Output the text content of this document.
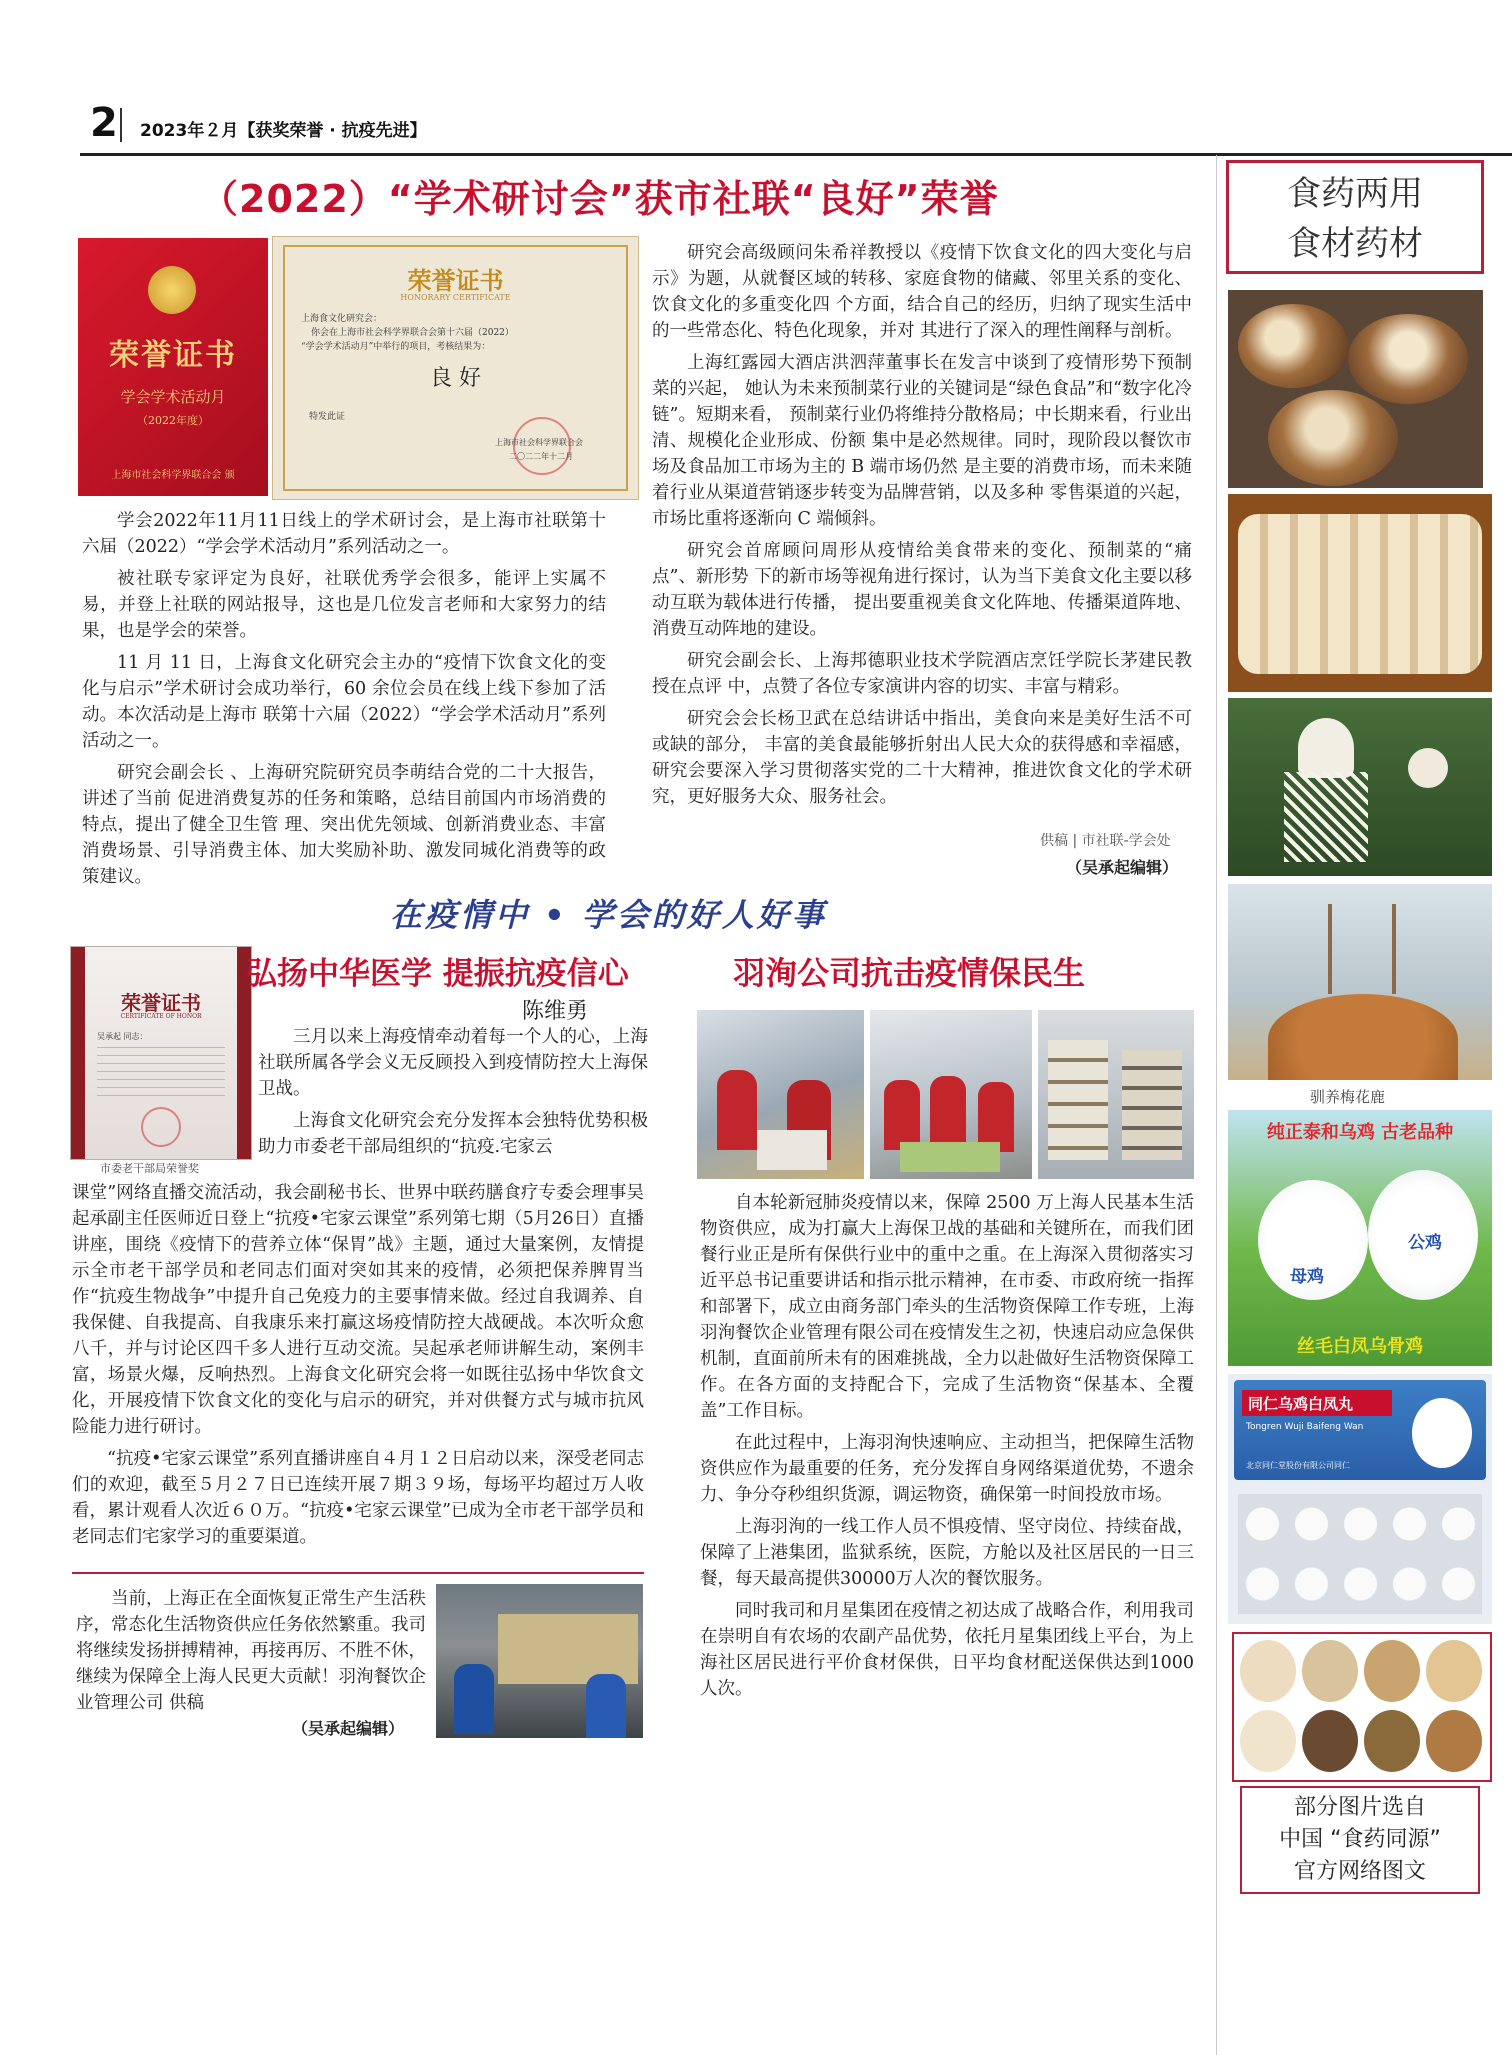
2 2023年２月【获奖荣誉 · 抗疫先进】
（2022）“学术研讨会”获市社联“良好”荣誉
荣誉证书
学会学术活动月
（2022年度）
上海市社会科学界联合会 颁
荣誉证书
HONORARY CERTIFICATE
上海食文化研究会：
你会在上海市社会科学界联合会第十六届（2022）
“学会学术活动月”中举行的项目，考核结果为：
良 好
特发此证
上海市社会科学界联合会
二〇二二年十二月

学会2022年11月11日线上的学术研讨会，是上海市社联第十六届（2022）“学会学术活动月”系列活动之一。

被社联专家评定为良好，社联优秀学会很多，能评上实属不易，并登上社联的网站报导，这也是几位发言老师和大家努力的结果，也是学会的荣誉。

11 月 11 日，上海食文化研究会主办的“疫情下饮食文化的变化与启示”学术研讨会成功举行，60 余位会员在线上线下参加了活动。本次活动是上海市 联第十六届（2022）“学会学术活动月”系列活动之一。

研究会副会长 、上海研究院研究员李萌结合党的二十大报告，讲述了当前 促进消费复苏的任务和策略，总结目前国内市场消费的特点，提出了健全卫生管 理、突出优先领域、创新消费业态、丰富消费场景、引导消费主体、加大奖励补助、激发同城化消费等的政策建议。

研究会高级顾问朱希祥教授以《疫情下饮食文化的四大变化与启示》为题，从就餐区域的转移、家庭食物的储藏、邻里关系的变化、饮食文化的多重变化四 个方面，结合自己的经历，归纳了现实生活中的一些常态化、特色化现象，并对 其进行了深入的理性阐释与剖析。

上海红露园大酒店洪泗萍董事长在发言中谈到了疫情形势下预制菜的兴起， 她认为未来预制菜行业的关键词是“绿色食品”和“数字化冷链”。短期来看， 预制菜行业仍将维持分散格局；中长期来看，行业出清、规模化企业形成、份额 集中是必然规律。同时，现阶段以餐饮市场及食品加工市场为主的 B 端市场仍然 是主要的消费市场，而未来随着行业从渠道营销逐步转变为品牌营销，以及多种 零售渠道的兴起，市场比重将逐渐向 C 端倾斜。

研究会首席顾问周形从疫情给美食带来的变化、预制菜的“痛点”、新形势 下的新市场等视角进行探讨，认为当下美食文化主要以移动互联为载体进行传播， 提出要重视美食文化阵地、传播渠道阵地、消费互动阵地的建设。

研究会副会长、上海邦德职业技术学院酒店烹饪学院长茅建民教授在点评 中，点赞了各位专家演讲内容的切实、丰富与精彩。

研究会会长杨卫武在总结讲话中指出，美食向来是美好生活不可或缺的部分， 丰富的美食最能够折射出人民大众的获得感和幸福感，研究会要深入学习贯彻落实党的二十大精神，推进饮食文化的学术研究，更好服务大众、服务社会。

供稿 | 市社联-学会处
（吴承起编辑）
在疫情中 • 学会的好人好事
荣誉证书
CERTIFICATE OF HONOR
吴承起 同志：
市委老干部局荣誉奖
弘扬中华医学 提振抗疫信心
陈维勇

三月以来上海疫情牵动着每一个人的心，上海社联所属各学会义无反顾投入到疫情防控大上海保卫战。

上海食文化研究会充分发挥本会独特优势积极助力市委老干部局组织的“抗疫.宅家云

课堂”网络直播交流活动，我会副秘书长、世界中联药膳食疗专委会理事吴起承副主任医师近日登上“抗疫•宅家云课堂”系列第七期（5月26日）直播讲座，围绕《疫情下的营养立体“保胃”战》主题，通过大量案例，友情提示全市老干部学员和老同志们面对突如其来的疫情，必须把保养脾胃当作“抗疫生物战争”中提升自己免疫力的主要事情来做。经过自我调养、自我保健、自我提高、自我康乐来打赢这场疫情防控大战硬战。本次听众愈八千，并与讨论区四千多人进行互动交流。吴起承老师讲解生动，案例丰富，场景火爆，反响热烈。上海食文化研究会将一如既往弘扬中华饮食文化，开展疫情下饮食文化的变化与启示的研究，并对供餐方式与城市抗风险能力进行研讨。

“抗疫•宅家云课堂”系列直播讲座自４月１２日启动以来，深受老同志们的欢迎，截至５月２７日已连续开展７期３９场，每场平均超过万人收看，累计观看人次近６０万。“抗疫•宅家云课堂”已成为全市老干部学员和老同志们宅家学习的重要渠道。

当前，上海正在全面恢复正常生产生活秩序，常态化生活物资供应任务依然繁重。我司将继续发扬拼搏精神，再接再厉、不胜不休，继续为保障全上海人民更大贡献！羽洵餐饮企业管理公司 供稿

（吴承起编辑）
羽洵公司抗击疫情保民生

自本轮新冠肺炎疫情以来，保障 2500 万上海人民基本生活物资供应，成为打赢大上海保卫战的基础和关键所在，而我们团餐行业正是所有保供行业中的重中之重。在上海深入贯彻落实习近平总书记重要讲话和指示批示精神，在市委、市政府统一指挥和部署下，成立由商务部门牵头的生活物资保障工作专班，上海羽洵餐饮企业管理有限公司在疫情发生之初，快速启动应急保供机制，直面前所未有的困难挑战，全力以赴做好生活物资保障工作。在各方面的支持配合下，完成了生活物资“保基本、全覆盖”工作目标。

在此过程中，上海羽洵快速响应、主动担当，把保障生活物资供应作为最重要的任务，充分发挥自身网络渠道优势，不遗余力、争分夺秒组织货源，调运物资，确保第一时间投放市场。

上海羽洵的一线工作人员不惧疫情、坚守岗位、持续奋战，保障了上港集团，监狱系统，医院，方舱以及社区居民的一日三餐，每天最高提供30000万人次的餐饮服务。

同时我司和月星集团在疫情之初达成了战略合作，利用我司在崇明自有农场的农副产品优势，依托月星集团线上平台，为上海社区居民进行平价食材保供，日平均食材配送保供达到1000人次。

食药两用
食材药材
驯养梅花鹿
纯正泰和乌鸡 古老品种
母鸡
公鸡
丝毛白凤乌骨鸡
同仁乌鸡白凤丸
Tongren Wuji Baifeng Wan
北京同仁堂股份有限公司同仁
部分图片选自
中国 “食药同源”
官方网络图文
